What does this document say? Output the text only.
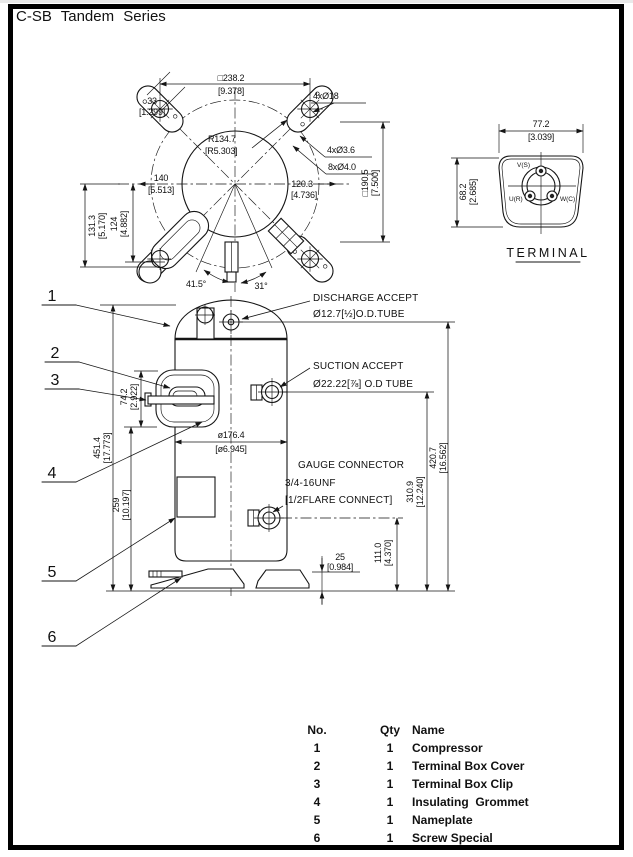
C-SB Tandem Series
□238.2
[9.378]
33
[1.299]
R134.7
[R5.303]
4xØ18
4xØ3.6
8xØ4.0
140
[5.513]
120.3
[4.736]
131.3 [5.170] 124 [4.882]
□190.5 [7.500]
41.5°	31°
V(S)
U(R)	W(C)
77.2
[3.039]
68.2 [2.685]
TERMINAL
451.4 [17.773]
259 [10.197]
74.2 [2.922]
ø176.4
[ø6.945]	420.7 [16.562]
310.9 [12.240]
111.0 [4.370]
25
[0.984]
DISCHARGE ACCEPT
Ø12.7[½]O.D.TUBE
SUCTION ACCEPT
Ø22.22[⅞] O.D TUBE
GAUGE CONNECTOR
3/4-16UNF
[1/2FLARE CONNECT]
1
2
3
4
5
6
No.	Qty	Name
1	1	Compressor
2	1	Terminal Box Cover
3	1	Terminal Box Clip
4	1	Insulating  Grommet
5	1	Nameplate
6	1	Screw Special
